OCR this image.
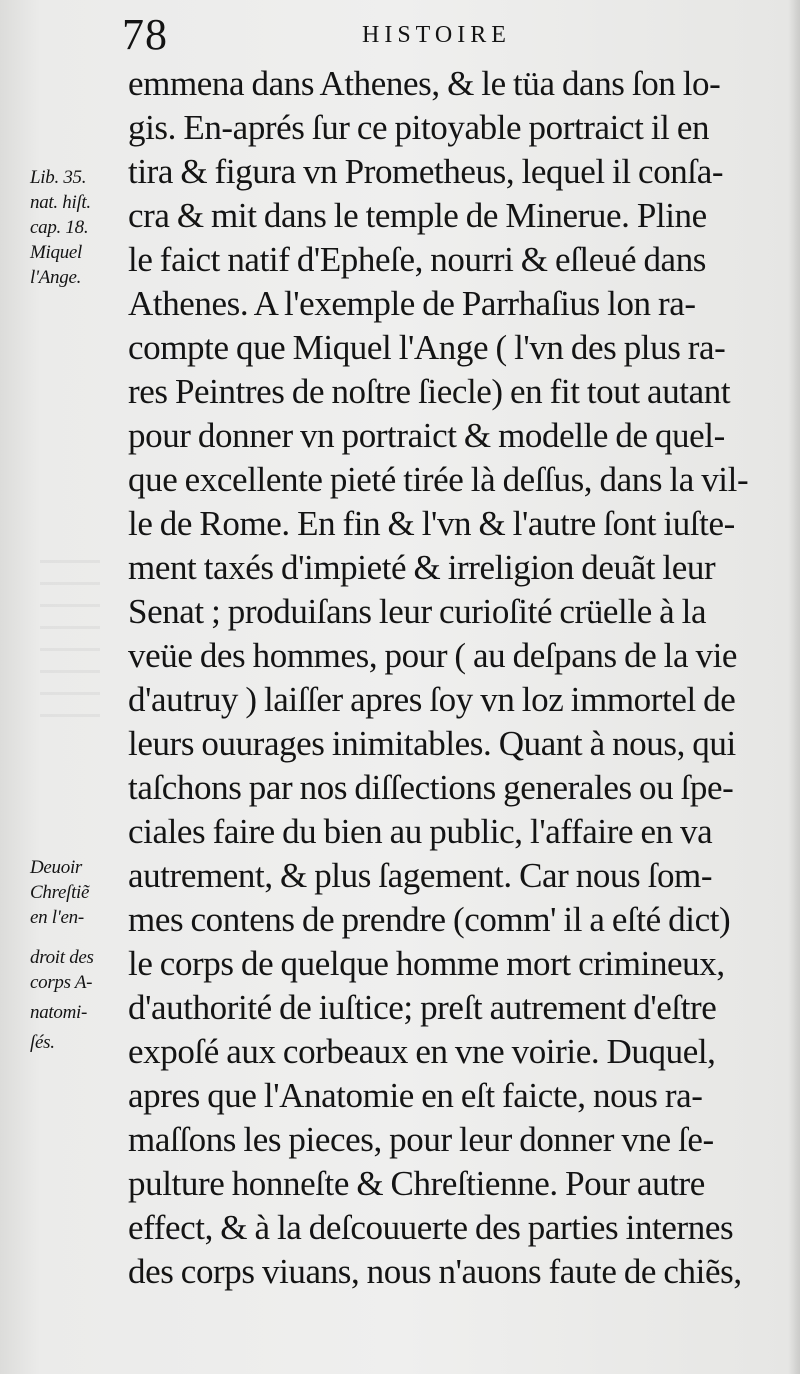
78	HISTOIRE
Lib. 35.
nat. hiſt.
cap. 18.
Miquel
l'Ange.
Deuoir
Chreſtiẽ
en l'en-
droit des
corps A-
natomi-
ſés.
emmena dans Athenes, & le tüa dans ſon lo-
gis. En-aprés ſur ce pitoyable portraict il en
tira & figura vn Prometheus, lequel il conſa-
cra & mit dans le temple de Minerue. Pline
le faict natif d'Epheſe, nourri & eſleué dans
Athenes. A l'exemple de Parrhaſius lon ra-
compte que Miquel l'Ange ( l'vn des plus ra-
res Peintres de noſtre ſiecle) en fit tout autant
pour donner vn portraict & modelle de quel-
que excellente pieté tirée là deſſus, dans la vil-
le de Rome. En fin & l'vn & l'autre ſont iuſte-
ment taxés d'impieté & irreligion deuãt leur
Senat ; produiſans leur curioſité crüelle à la
veüe des hommes, pour ( au deſpans de la vie
d'autruy ) laiſſer apres ſoy vn loz immortel de
leurs ouurages inimitables. Quant à nous, qui
taſchons par nos diſſections generales ou ſpe-
ciales faire du bien au public, l'affaire en va
autrement, & plus ſagement. Car nous ſom-
mes contens de prendre (comm' il a eſté dict)
le corps de quelque homme mort crimineux,
d'authorité de iuſtice; preſt autrement d'eſtre
expoſé aux corbeaux en vne voirie. Duquel,
apres que l'Anatomie en eſt faicte, nous ra-
maſſons les pieces, pour leur donner vne ſe-
pulture honneſte & Chreſtienne. Pour autre
effect, & à la deſcouuerte des parties internes
des corps viuans, nous n'auons faute de chiẽs,
